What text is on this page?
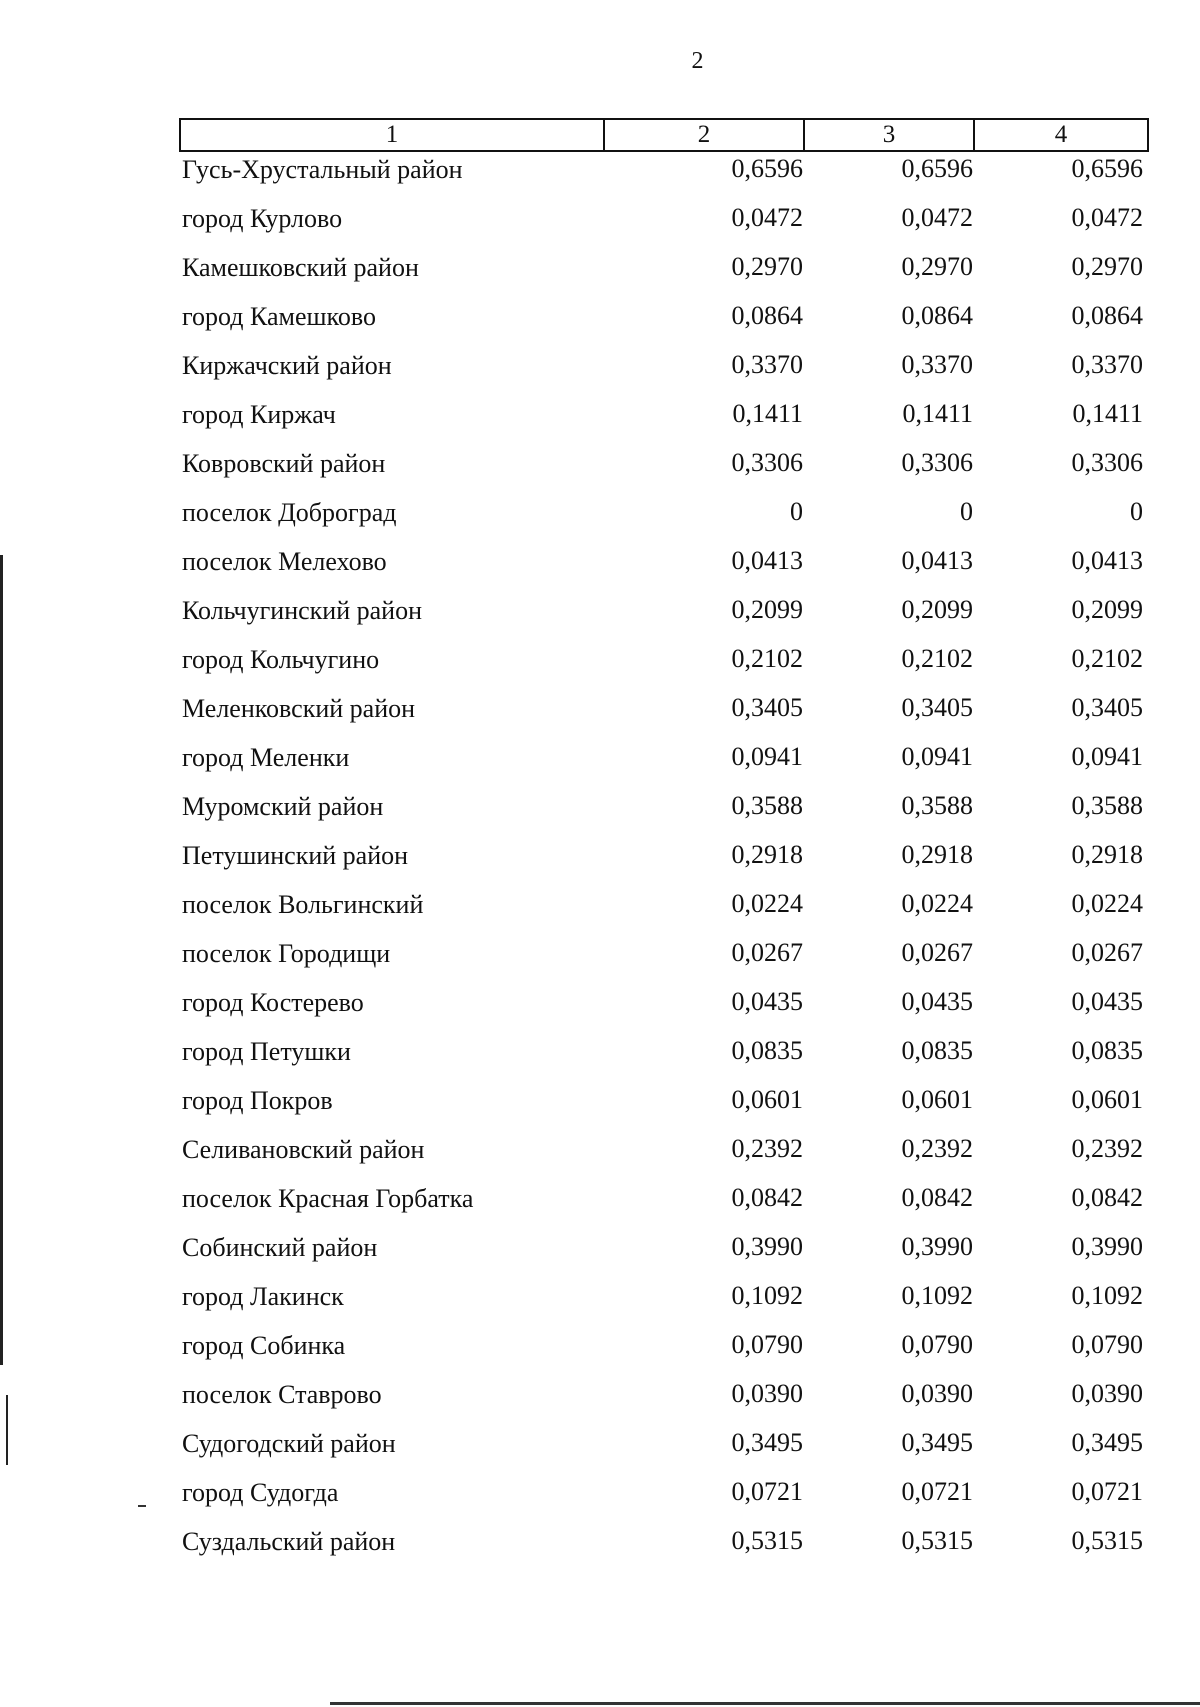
2
1	2	3	4
Гусь-Хрустальный район	0,6596	0,6596	0,6596
город Курлово	0,0472	0,0472	0,0472
Камешковский район	0,2970	0,2970	0,2970
город Камешково	0,0864	0,0864	0,0864
Киржачский район	0,3370	0,3370	0,3370
город Киржач	0,1411	0,1411	0,1411
Ковровский район	0,3306	0,3306	0,3306
поселок Доброград	0	0	0
поселок Мелехово	0,0413	0,0413	0,0413
Кольчугинский район	0,2099	0,2099	0,2099
город Кольчугино	0,2102	0,2102	0,2102
Меленковский район	0,3405	0,3405	0,3405
город Меленки	0,0941	0,0941	0,0941
Муромский район	0,3588	0,3588	0,3588
Петушинский район	0,2918	0,2918	0,2918
поселок Вольгинский	0,0224	0,0224	0,0224
поселок Городищи	0,0267	0,0267	0,0267
город Костерево	0,0435	0,0435	0,0435
город Петушки	0,0835	0,0835	0,0835
город Покров	0,0601	0,0601	0,0601
Селивановский район	0,2392	0,2392	0,2392
поселок Красная Горбатка	0,0842	0,0842	0,0842
Собинский район	0,3990	0,3990	0,3990
город Лакинск	0,1092	0,1092	0,1092
город Собинка	0,0790	0,0790	0,0790
поселок Ставрово	0,0390	0,0390	0,0390
Судогодский район	0,3495	0,3495	0,3495
город Судогда	0,0721	0,0721	0,0721
Суздальский район	0,5315	0,5315	0,5315
